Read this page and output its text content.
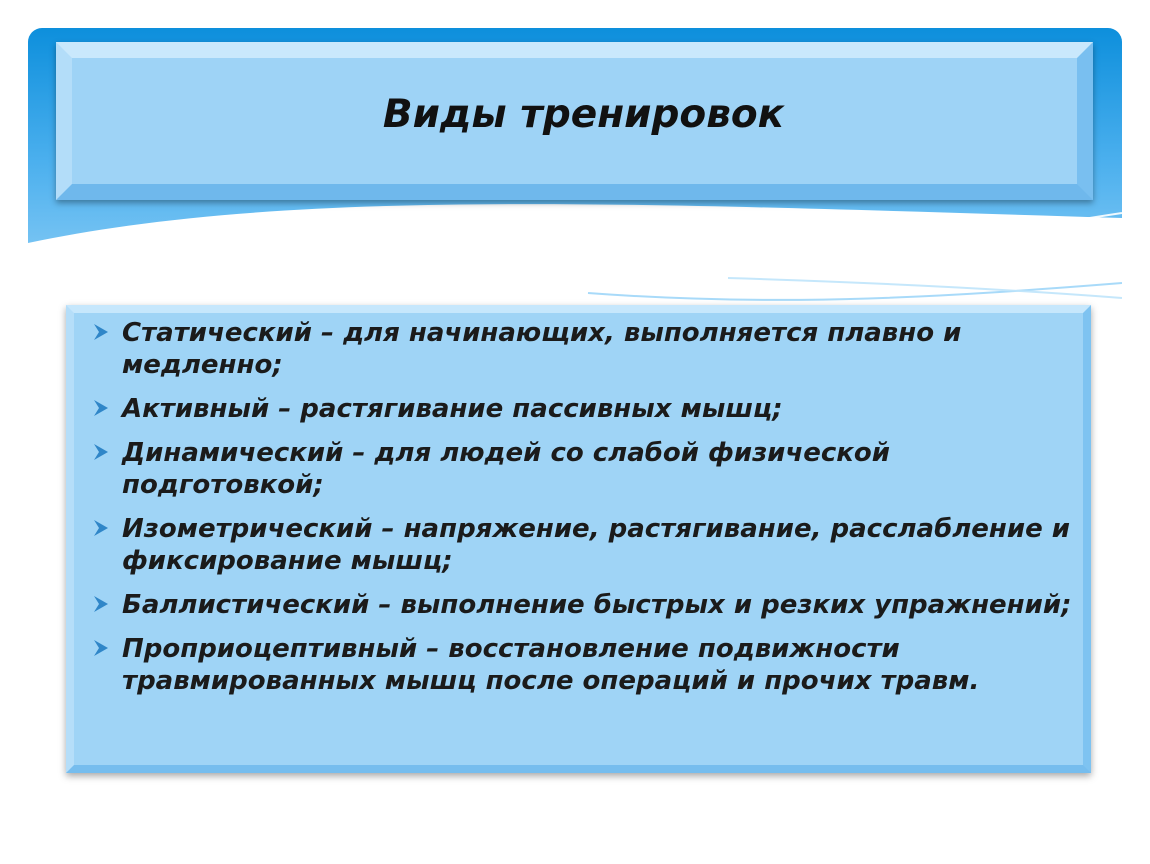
Виды тренировок
Статический – для начинающих, выполняется плавно и медленно;
Активный – растягивание пассивных мышц;
Динамический – для людей со слабой физической подготовкой;
Изометрический – напряжение, растягивание, расслабление и фиксирование мышц;
Баллистический – выполнение быстрых и резких упражнений;
Проприоцептивный – восстановление подвижности травмированных мышц после операций и прочих травм.
